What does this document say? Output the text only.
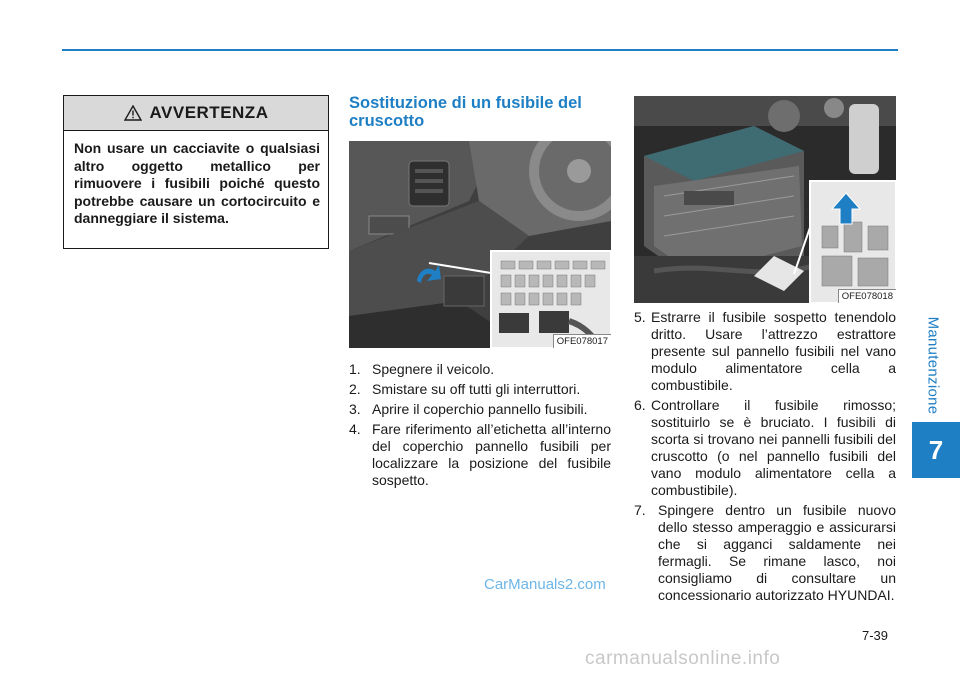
Manutenzione
7
AVVERTENZA
Non usare un cacciavite o qualsiasi altro oggetto metallico per rimuovere i fusibili poiché questo potrebbe causare un cortocircuito e danneggiare il sistema.
Sostituzione di un fusibile del cruscotto
OFE078017
OFE078018
1. Spegnere il veicolo.
2. Smistare su off tutti gli interruttori.
3. Aprire il coperchio pannello fusibili.
4. Fare riferimento all’etichetta all’interno del coperchio pannello fusibili per localizzare la posizione del fusibile sospetto.
5. Estrarre il fusibile sospetto tenendolo dritto. Usare l’attrezzo estrattore presente sul pannello fusibili nel vano modulo alimentatore cella a combustibile.
6. Controllare il fusibile rimosso; sostituirlo se è bruciato. I fusibili di scorta si trovano nei pannelli fusibili del cruscotto (o nel pannello fusibili del vano modulo alimentatore cella a combustibile).
7. Spingere dentro un fusibile nuovo dello stesso amperaggio e assicurarsi che si agganci saldamente nei fermagli. Se rimane lasco, noi consigliamo di consultare un concessionario autorizzato HYUNDAI.
7-39
CarManuals2.com
carmanualsonline.info
